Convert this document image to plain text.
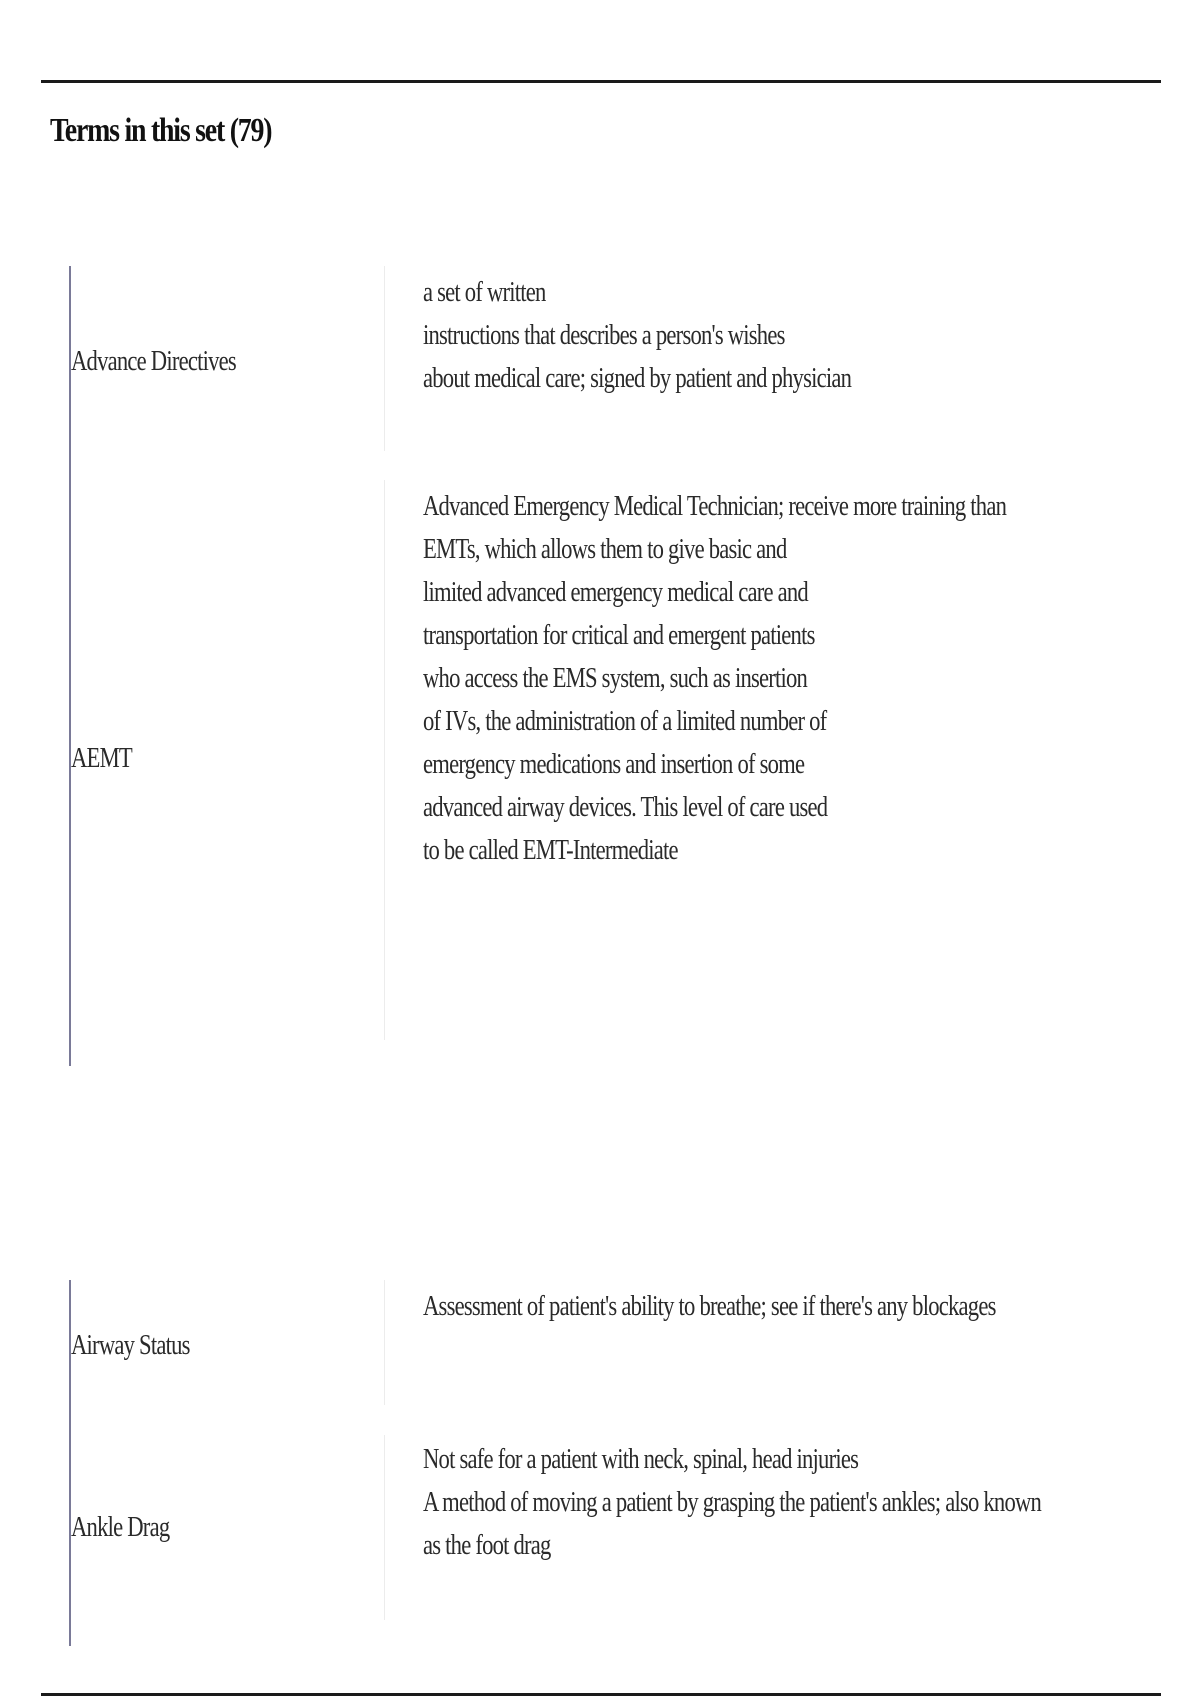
Terms in this set (79)
Advance Directives
a set of written
instructions that describes a person's wishes
about medical care; signed by patient and physician
AEMT
Advanced Emergency Medical Technician; receive more training than
EMTs, which allows them to give basic and
limited advanced emergency medical care and
transportation for critical and emergent patients
who access the EMS system, such as insertion
of IVs, the administration of a limited number of
emergency medications and insertion of some
advanced airway devices. This level of care used
to be called EMT-Intermediate
Airway Status
Assessment of patient's ability to breathe; see if there's any blockages
Ankle Drag
Not safe for a patient with neck, spinal, head injuries
A method of moving a patient by grasping the patient's ankles; also known
as the foot drag
